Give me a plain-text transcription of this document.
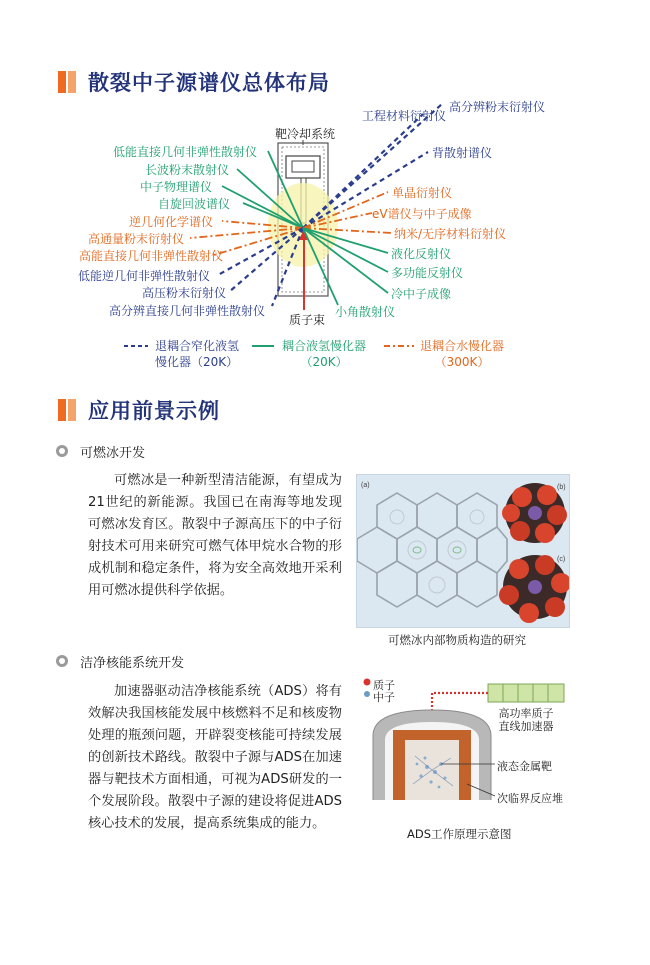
散裂中子源谱仪总体布局
靶冷却系统
质子束
低能直接几何非弹性散射仪
长波粉末散射仪
中子物理谱仪
自旋回波谱仪
逆几何化学谱仪
高通量粉末衍射仪
高能直接几何非弹性散射仪
低能逆几何非弹性散射仪
高压粉末衍射仪
高分辨直接几何非弹性散射仪
高分辨粉末衍射仪
工程材料衍射仪
背散射谱仪
单晶衍射仪
eV谱仪与中子成像
纳米/无序材料衍射仪
液化反射仪
多功能反射仪
冷中子成像
小角散射仪
退耦合窄化液氢
慢化器（20K）
耦合液氢慢化器
（20K）
退耦合水慢化器
（300K）
应用前景示例
可燃冰开发
可燃冰是一种新型清洁能源，有望成为21世纪的新能源。我国已在南海等地发现可燃冰发育区。散裂中子源高压下的中子衍射技术可用来研究可燃气体甲烷水合物的形成机制和稳定条件，将为安全高效地开采利用可燃冰提供科学依据。
(a)	(b)
(c)
可燃冰内部物质构造的研究
洁净核能系统开发
加速器驱动洁净核能系统（ADS）将有效解决我国核能发展中核燃料不足和核废物处理的瓶颈问题，开辟裂变核能可持续发展的创新技术路线。散裂中子源与ADS在加速器与靶技术方面相通，可视为ADS研发的一个发展阶段。散裂中子源的建设将促进ADS核心技术的发展，提高系统集成的能力。
质子
中子
高功率质子直线加速器
液态金属靶
次临界反应堆
ADS工作原理示意图
